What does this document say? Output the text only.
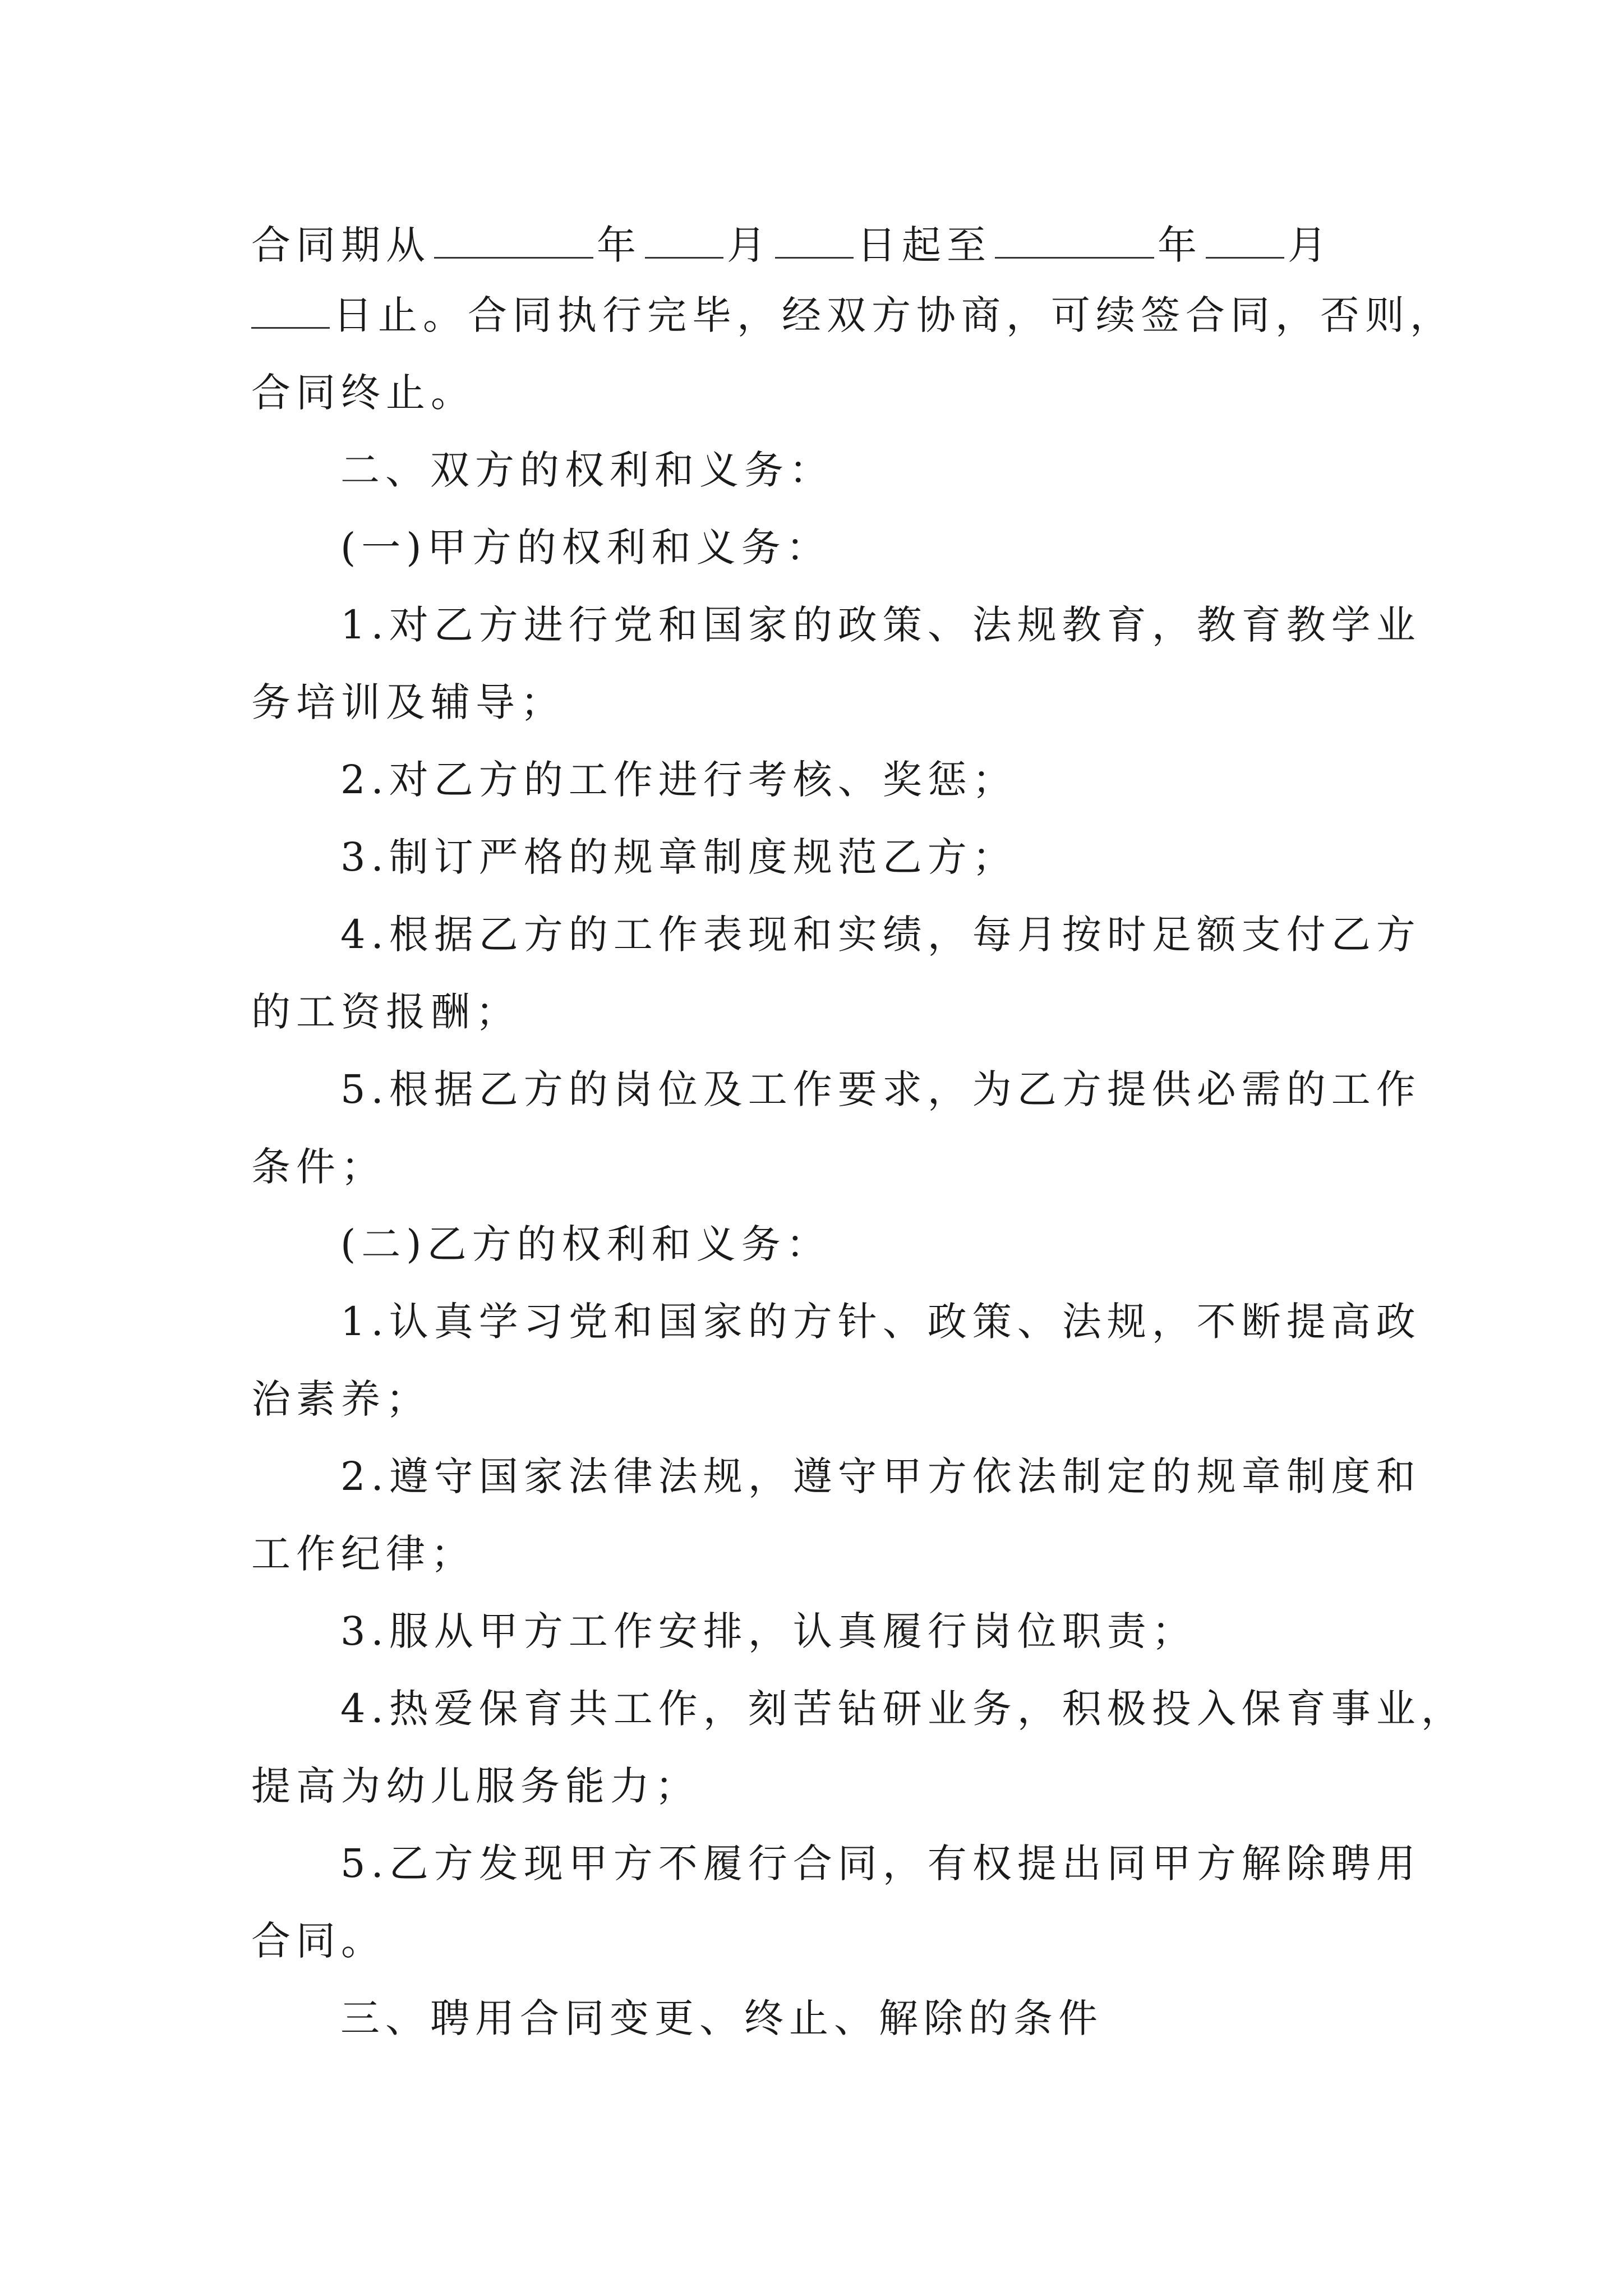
合同期从	年 月 日起至	年 月
日止。合同执行完毕，经双方协商，可续签合同，否则，
合同终止。
二、双方的权利和义务：
(一)甲方的权利和义务：
1.对乙方进行党和国家的政策、法规教育，教育教学业
务培训及辅导；
2.对乙方的工作进行考核、奖惩；
3.制订严格的规章制度规范乙方；
4.根据乙方的工作表现和实绩，每月按时足额支付乙方
的工资报酬；
5.根据乙方的岗位及工作要求，为乙方提供必需的工作
条件；
(二)乙方的权利和义务：
1.认真学习党和国家的方针、政策、法规，不断提高政
治素养；
2.遵守国家法律法规，遵守甲方依法制定的规章制度和
工作纪律；
3.服从甲方工作安排，认真履行岗位职责；
4.热爱保育共工作，刻苦钻研业务，积极投入保育事业，
提高为幼儿服务能力；
5.乙方发现甲方不履行合同，有权提出同甲方解除聘用
合同。
三、聘用合同变更、终止、解除的条件
